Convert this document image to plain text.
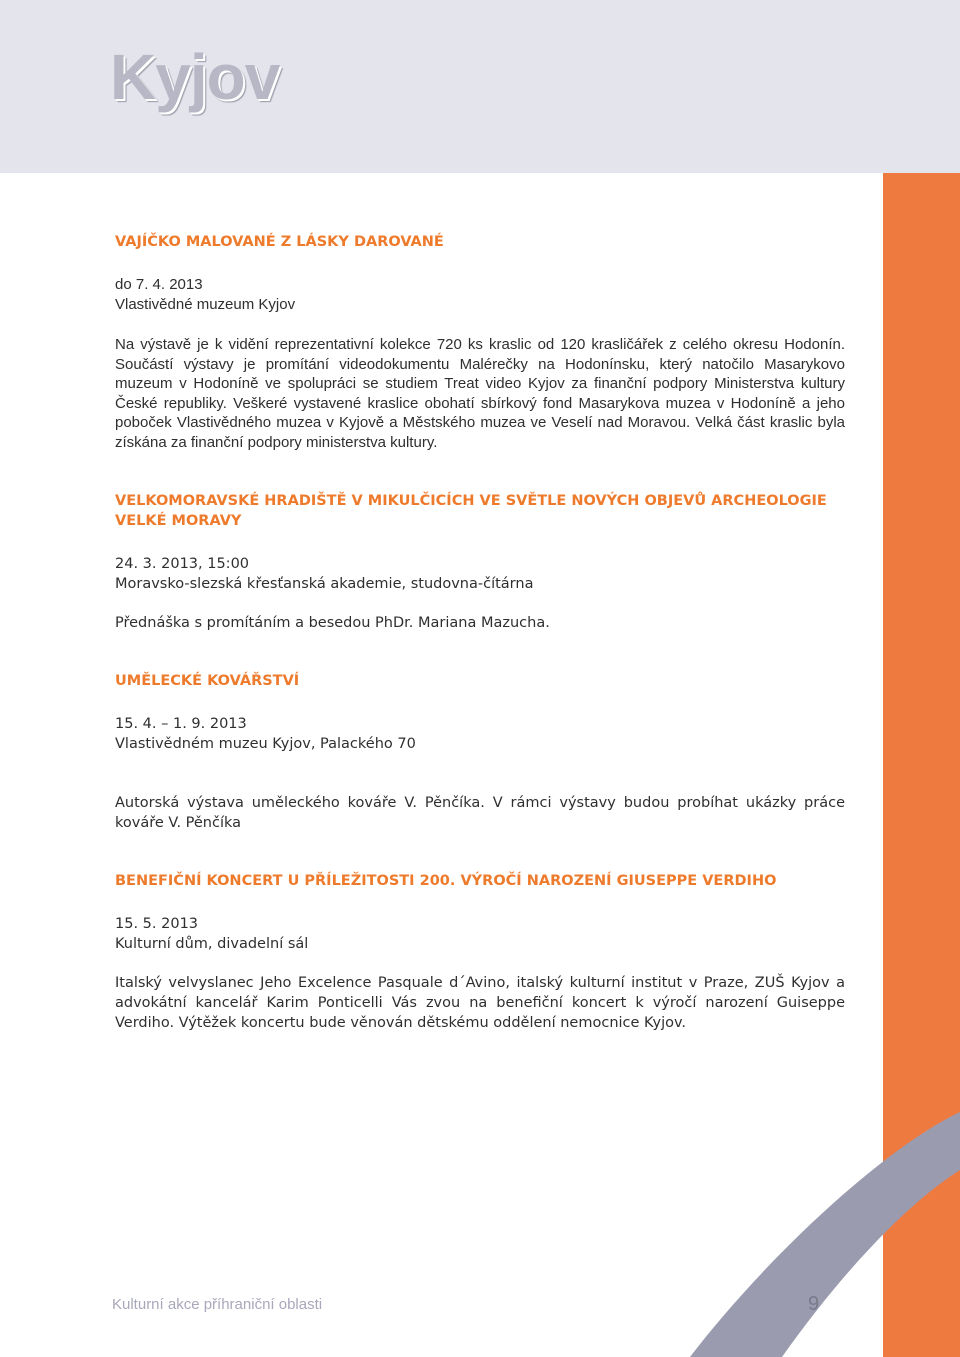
Kyjov
VAJÍČKO MALOVANÉ Z LÁSKY DAROVANÉ
do 7. 4. 2013
Vlastivědné muzeum Kyjov

Na výstavě je k vidění reprezentativní kolekce 720 ks kraslic od 120 krasličářek z celého okresu Hodonín. Součástí výstavy je promítání videodokumentu Malérečky na Hodonínsku, který natočilo Masarykovo muzeum v Hodoníně ve spolupráci se studiem Treat video Kyjov za finanční podpory Ministerstva kultury České republiky. Veškeré vystavené kraslice obohatí sbírkový fond Masarykova muzea v Hodoníně a jeho poboček Vlastivědného muzea v Kyjově a Městského muzea ve Veselí nad Moravou. Velká část kraslic byla získána za finanční podpory ministerstva kultury.

VELKOMORAVSKÉ HRADIŠTĚ V MIKULČICÍCH VE SVĚTLE NOVÝCH OBJEVŮ ARCHEOLOGIE VELKÉ MORAVY
24. 3. 2013, 15:00
Moravsko-slezská křesťanská akademie, studovna-čítárna

Přednáška s promítáním a besedou PhDr. Mariana Mazucha.

UMĚLECKÉ KOVÁŘSTVÍ
15. 4. – 1. 9. 2013
Vlastivědném muzeu Kyjov, Palackého 70

Autorská výstava uměleckého kováře V. Pěnčíka. V rámci výstavy budou probíhat ukázky práce kováře V. Pěnčíka

BENEFIČNÍ KONCERT U PŘÍLEŽITOSTI 200. VÝROČÍ NAROZENÍ GIUSEPPE VERDIHO
15. 5. 2013
Kulturní dům, divadelní sál

Italský velvyslanec Jeho Excelence Pasquale d´Avino, italský kulturní institut v Praze, ZUŠ Kyjov a advokátní kancelář Karim Ponticelli Vás zvou na benefiční koncert k výročí narození Guiseppe Verdiho. Výtěžek koncertu bude věnován dětskému oddělení nemocnice Kyjov.

Kulturní akce příhraniční oblasti	9
